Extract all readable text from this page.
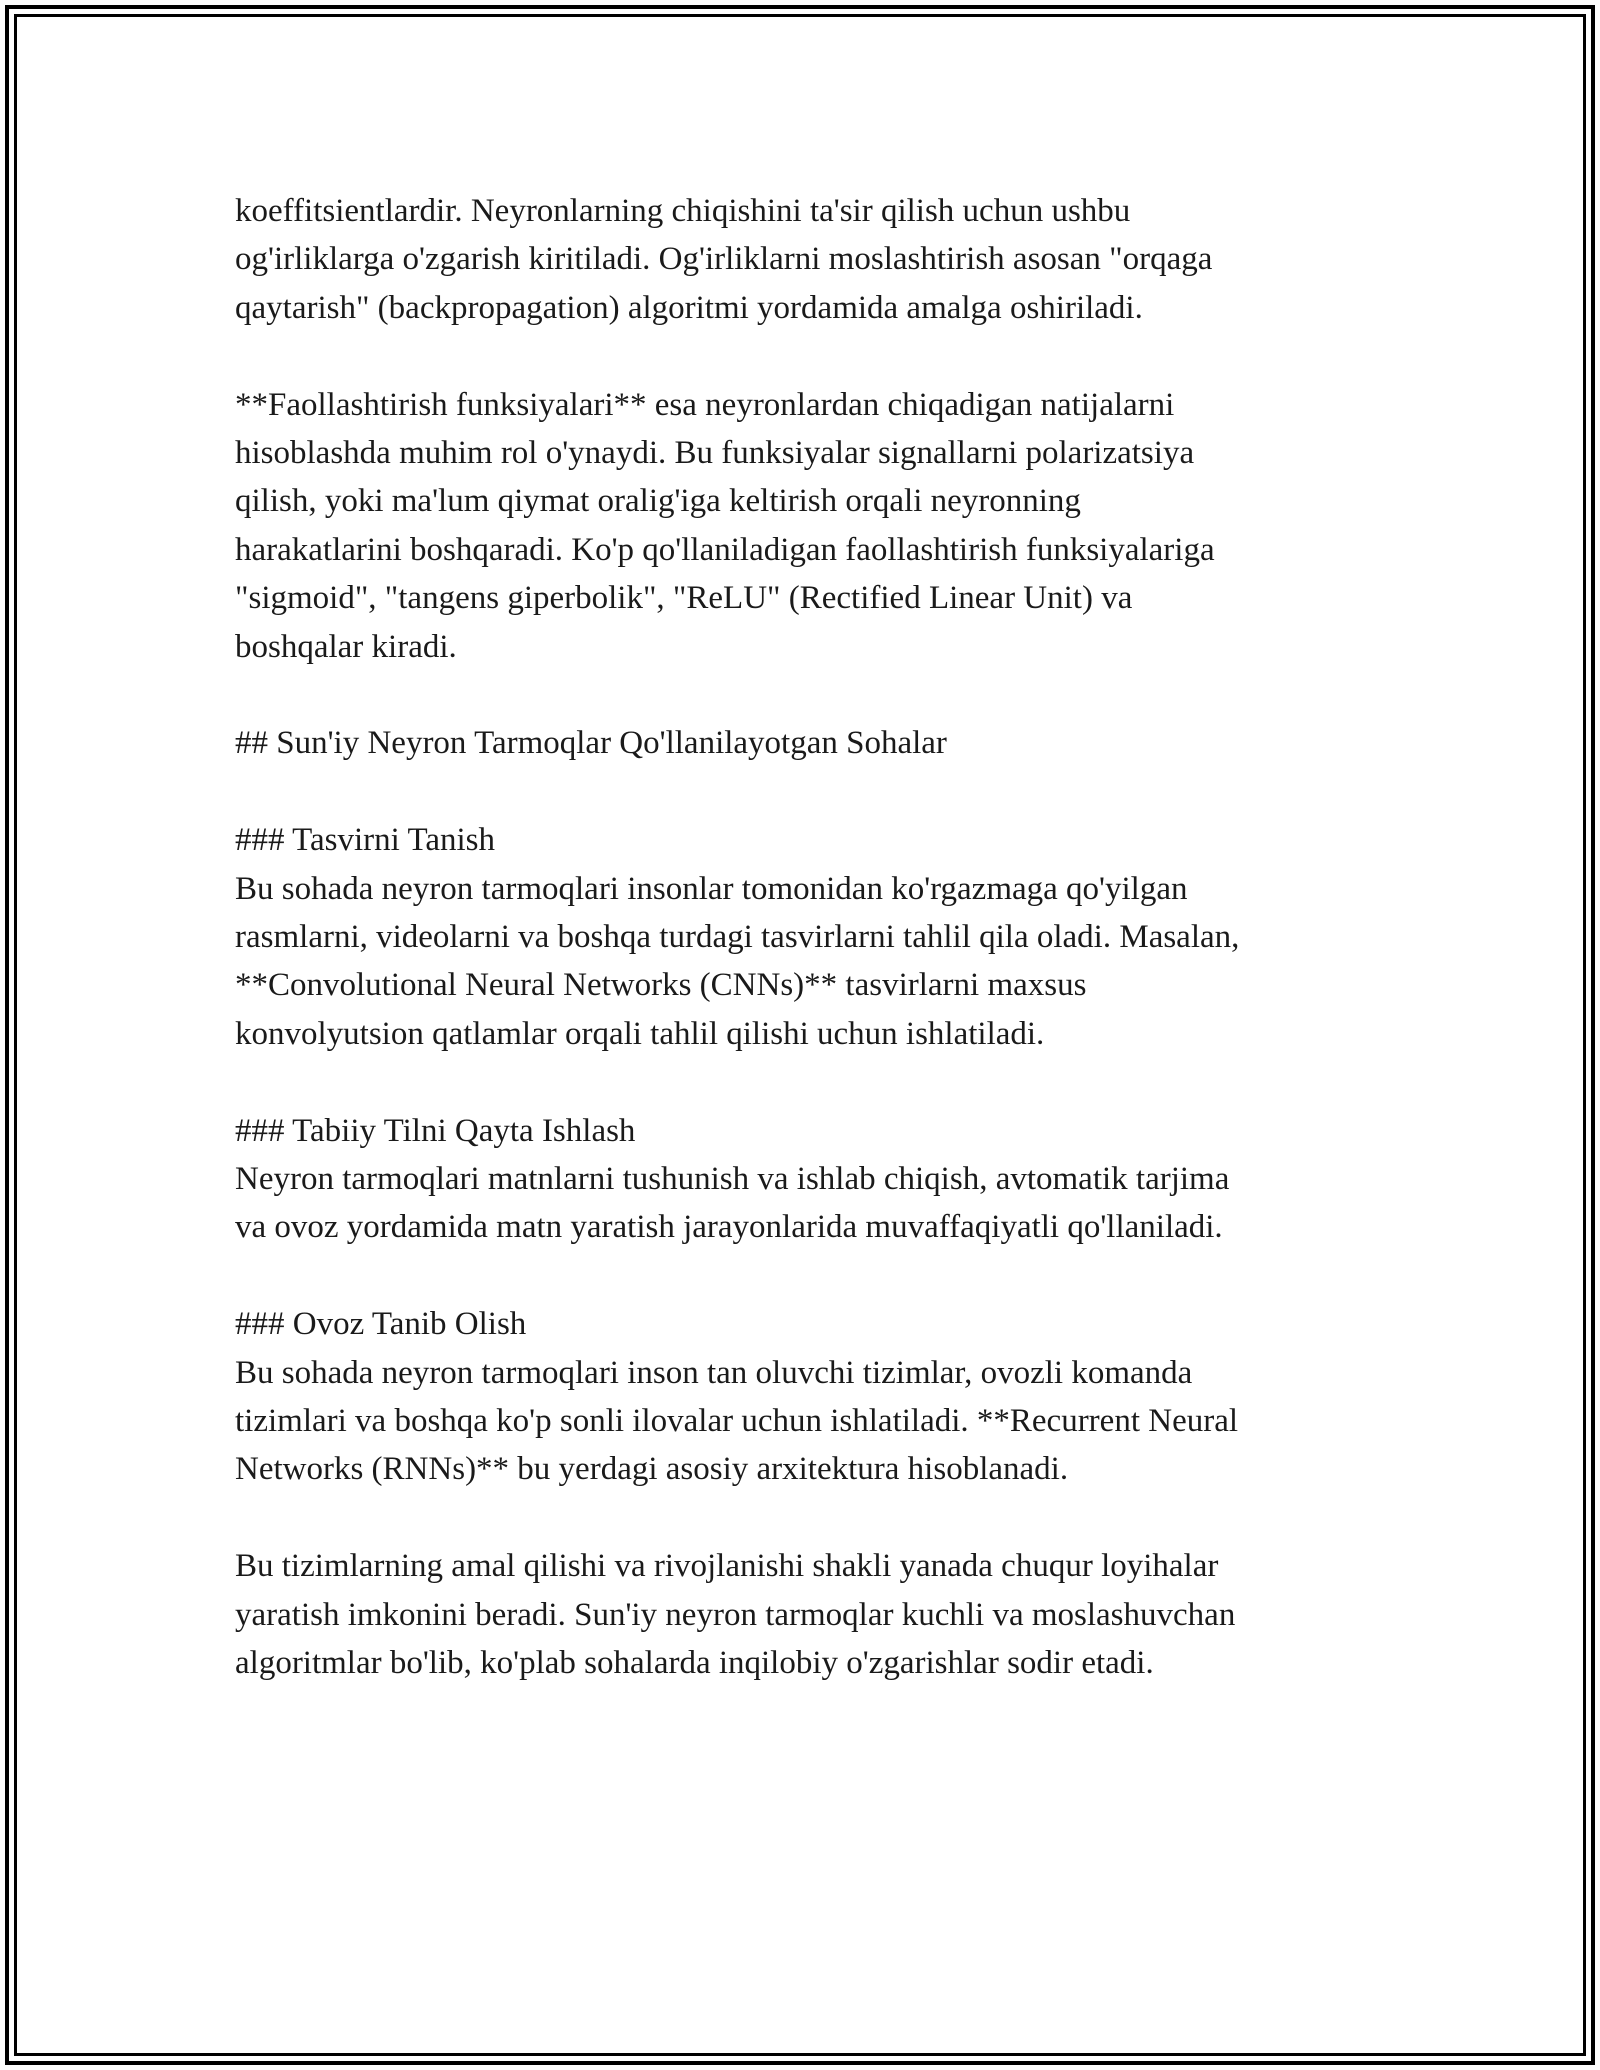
koeffitsientlardir. Neyronlarning chiqishini ta'sir qilish uchun ushbu
og'irliklarga o'zgarish kiritiladi. Og'irliklarni moslashtirish asosan "orqaga
qaytarish" (backpropagation) algoritmi yordamida amalga oshiriladi.
**Faollashtirish funksiyalari** esa neyronlardan chiqadigan natijalarni
hisoblashda muhim rol o'ynaydi. Bu funksiyalar signallarni polarizatsiya
qilish, yoki ma'lum qiymat oralig'iga keltirish orqali neyronning
harakatlarini boshqaradi. Ko'p qo'llaniladigan faollashtirish funksiyalariga
"sigmoid", "tangens giperbolik", "ReLU" (Rectified Linear Unit) va
boshqalar kiradi.
## Sun'iy Neyron Tarmoqlar Qo'llanilayotgan Sohalar
### Tasvirni Tanish
Bu sohada neyron tarmoqlari insonlar tomonidan ko'rgazmaga qo'yilgan
rasmlarni, videolarni va boshqa turdagi tasvirlarni tahlil qila oladi. Masalan,
**Convolutional Neural Networks (CNNs)** tasvirlarni maxsus
konvolyutsion qatlamlar orqali tahlil qilishi uchun ishlatiladi.
### Tabiiy Tilni Qayta Ishlash
Neyron tarmoqlari matnlarni tushunish va ishlab chiqish, avtomatik tarjima
va ovoz yordamida matn yaratish jarayonlarida muvaffaqiyatli qo'llaniladi.
### Ovoz Tanib Olish
Bu sohada neyron tarmoqlari inson tan oluvchi tizimlar, ovozli komanda
tizimlari va boshqa ko'p sonli ilovalar uchun ishlatiladi. **Recurrent Neural
Networks (RNNs)** bu yerdagi asosiy arxitektura hisoblanadi.
Bu tizimlarning amal qilishi va rivojlanishi shakli yanada chuqur loyihalar
yaratish imkonini beradi. Sun'iy neyron tarmoqlar kuchli va moslashuvchan
algoritmlar bo'lib, ko'plab sohalarda inqilobiy o'zgarishlar sodir etadi.
